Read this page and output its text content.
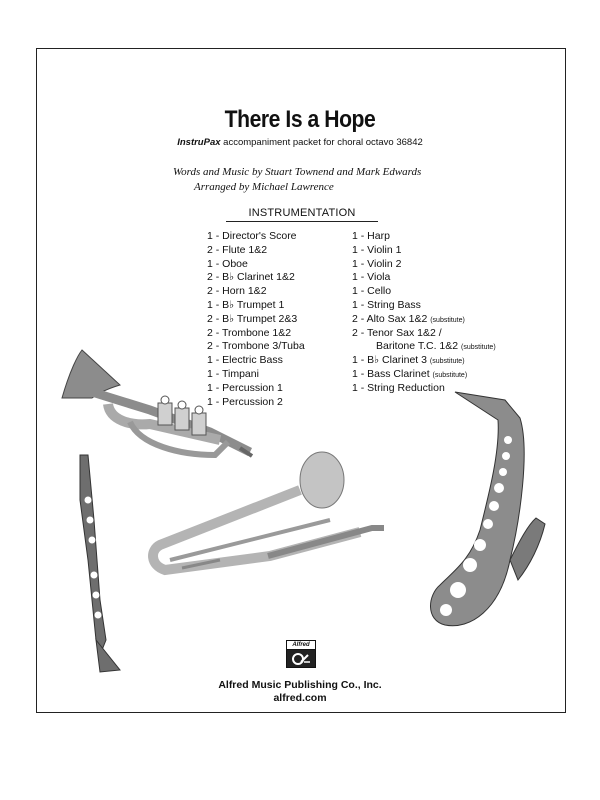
There Is a Hope
InstruPax accompaniment packet for choral octavo 36842
Words and Music by Stuart Townend and Mark Edwards
Arranged by Michael Lawrence
INSTRUMENTATION
1 - Director's Score
2 - Flute 1&2
1 - Oboe
2 - B♭ Clarinet 1&2
2 - Horn 1&2
1 - B♭ Trumpet 1
2 - B♭ Trumpet 2&3
2 - Trombone 1&2
2 - Trombone 3/Tuba
1 - Electric Bass
1 - Timpani
1 - Percussion 1
1 - Percussion 2
1 - Harp
1 - Violin 1
1 - Violin 2
1 - Viola
1 - Cello
1 - String Bass
2 - Alto Sax 1&2 (substitute)
2 - Tenor Sax 1&2 /
Baritone T.C. 1&2 (substitute)
1 - B♭ Clarinet 3 (substitute)
1 - Bass Clarinet (substitute)
1 - String Reduction
Alfred
Alfred Music Publishing Co., Inc.
alfred.com
